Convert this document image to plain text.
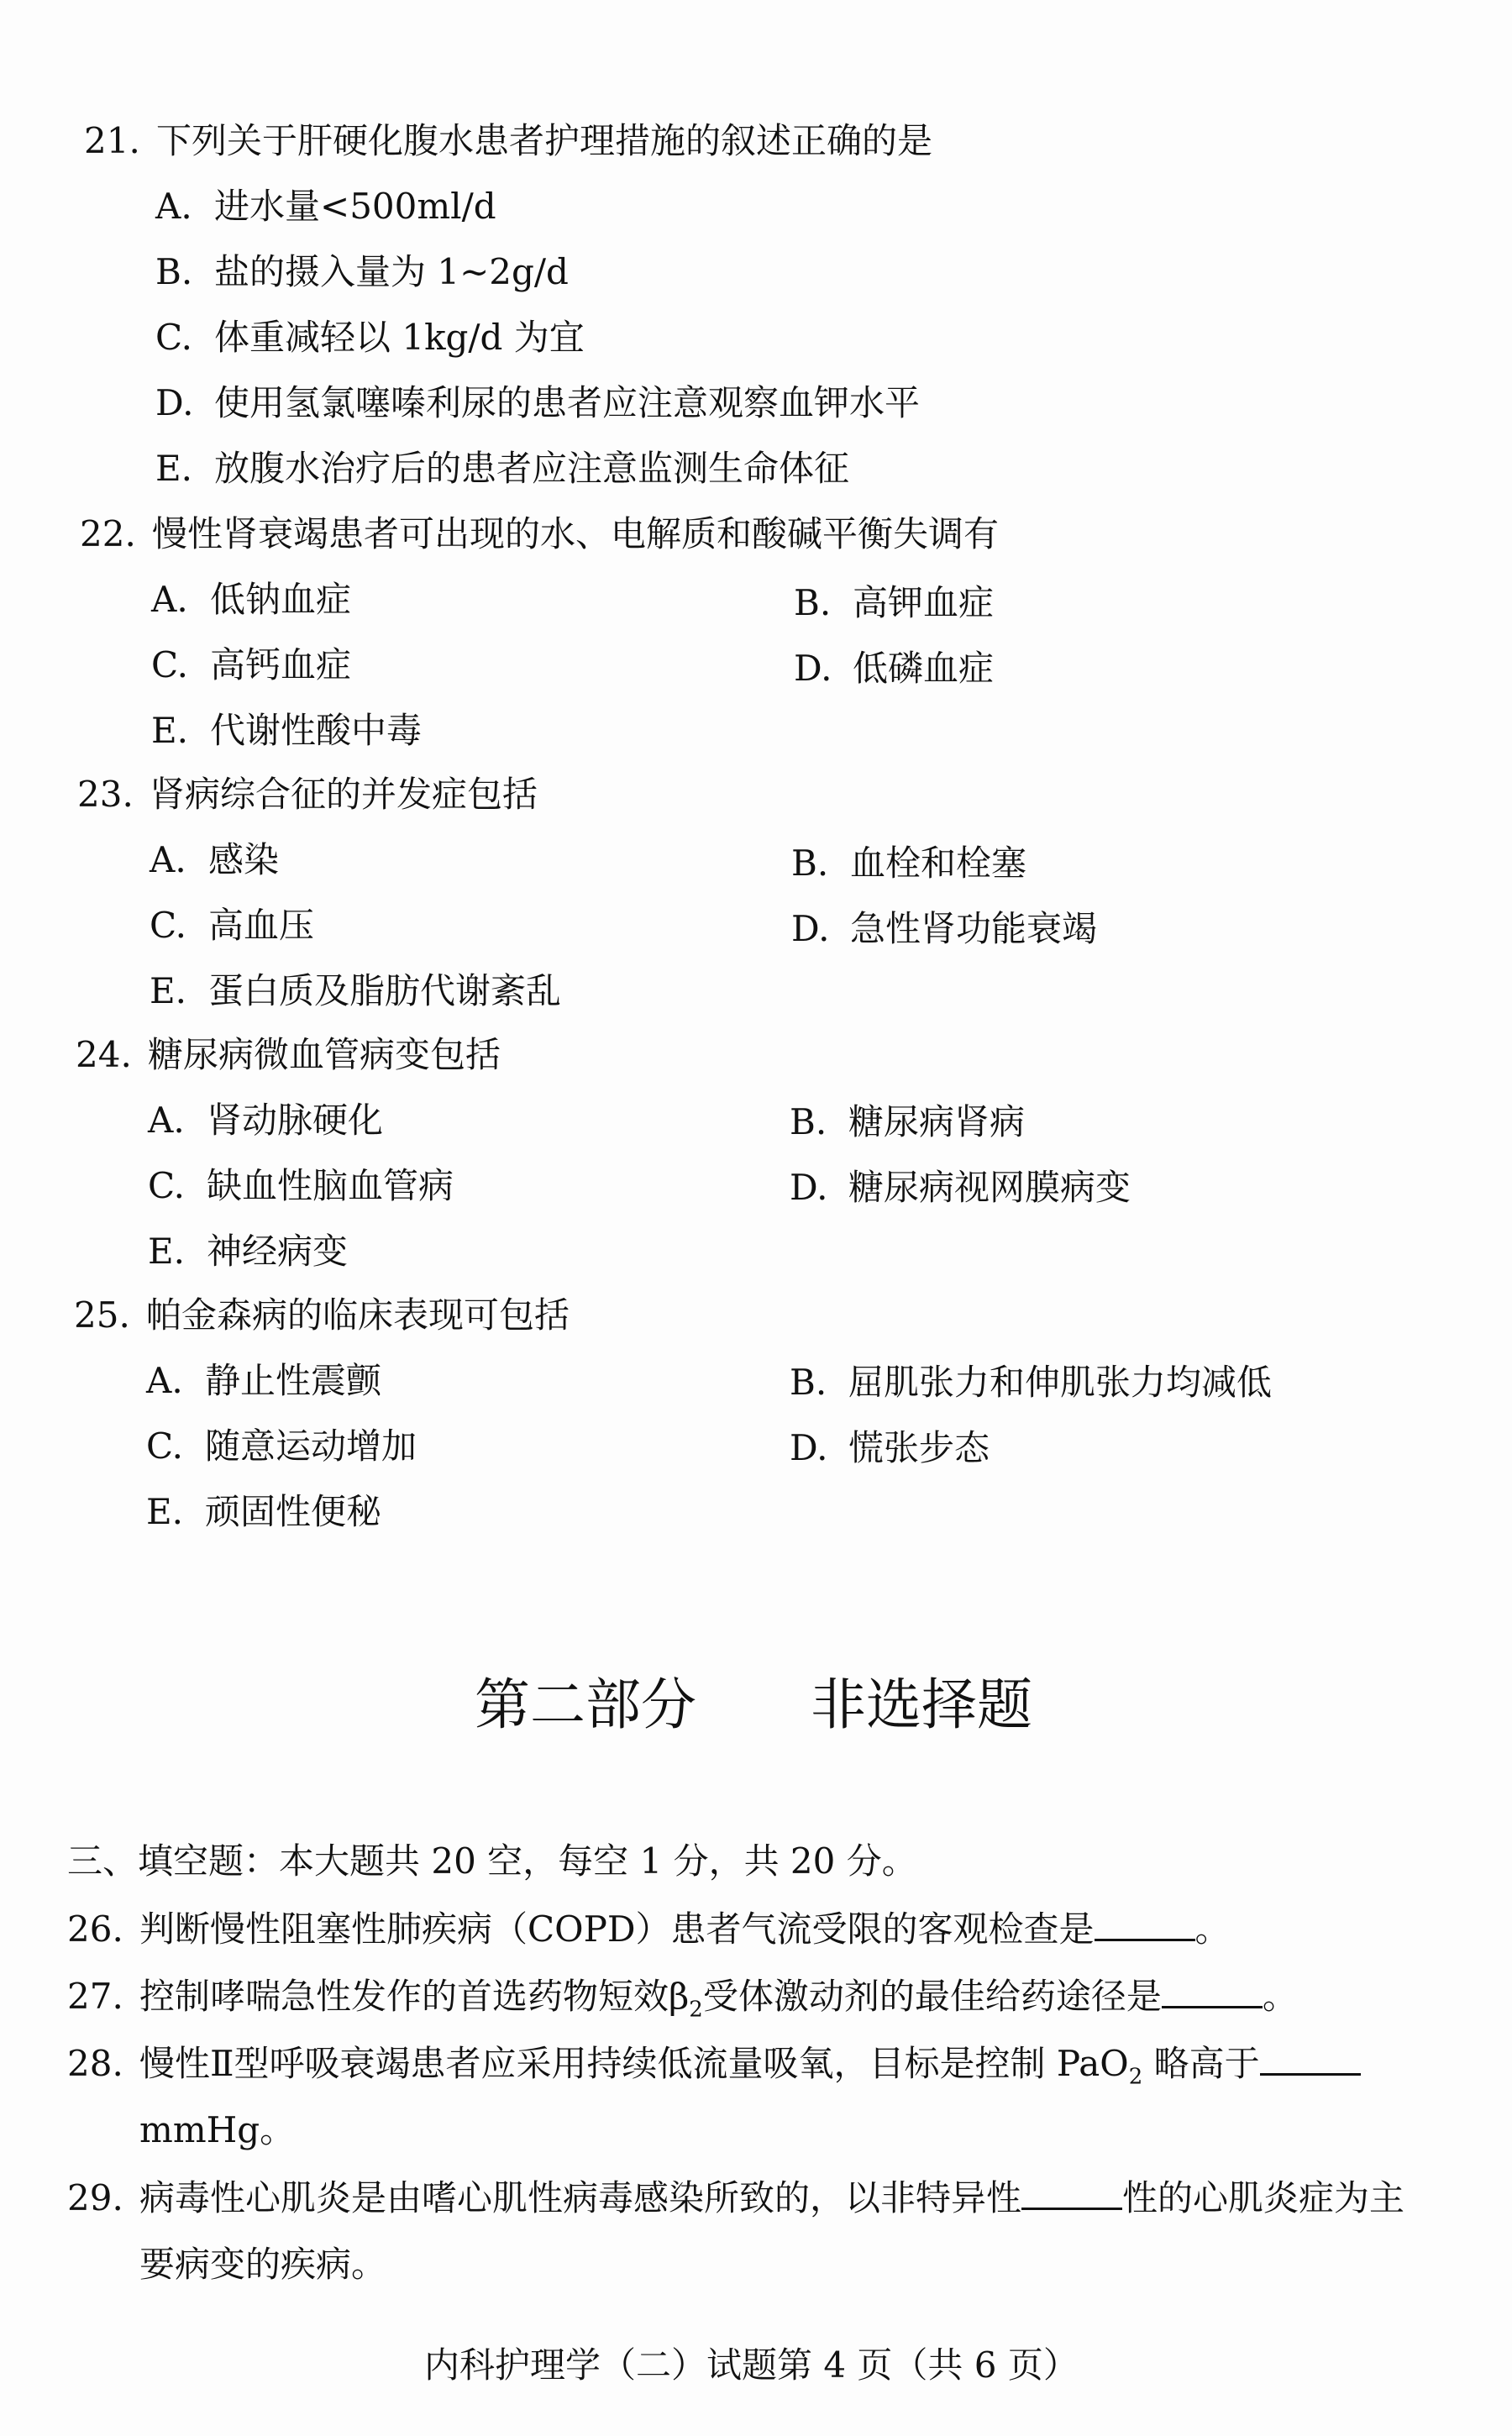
21. 下列关于肝硬化腹水患者护理措施的叙述正确的是
A. 进水量<500ml/d
B. 盐的摄入量为 1~2g/d
C. 体重减轻以 1kg/d 为宜
D. 使用氢氯噻嗪利尿的患者应注意观察血钾水平
E. 放腹水治疗后的患者应注意监测生命体征
22. 慢性肾衰竭患者可出现的水、电解质和酸碱平衡失调有
A. 低钠血症	B. 高钾血症
C. 高钙血症	D. 低磷血症
E. 代谢性酸中毒
23. 肾病综合征的并发症包括
A. 感染	B. 血栓和栓塞
C. 高血压	D. 急性肾功能衰竭
E. 蛋白质及脂肪代谢紊乱
24. 糖尿病微血管病变包括
A. 肾动脉硬化	B. 糖尿病肾病
C. 缺血性脑血管病	D. 糖尿病视网膜病变
E. 神经病变
25. 帕金森病的临床表现可包括
A. 静止性震颤	B. 屈肌张力和伸肌张力均减低
C. 随意运动增加	D. 慌张步态
E. 顽固性便秘
第二部分 非选择题
三、填空题：本大题共 20 空，每空 1 分，共 20 分。
26. 判断慢性阻塞性肺疾病（COPD）患者气流受限的客观检查是	。
27. 控制哮喘急性发作的首选药物短效$\beta_2$受体激动剂的最佳给药途径是	。
28. 慢性Ⅱ型呼吸衰竭患者应采用持续低流量吸氧，目标是控制 PaO$_2$ 略高于
mmHg。
29. 病毒性心肌炎是由嗜心肌性病毒感染所致的，以非特异性	性的心肌炎症为主
要病变的疾病。
内科护理学（二）试题第 4 页（共 6 页）
